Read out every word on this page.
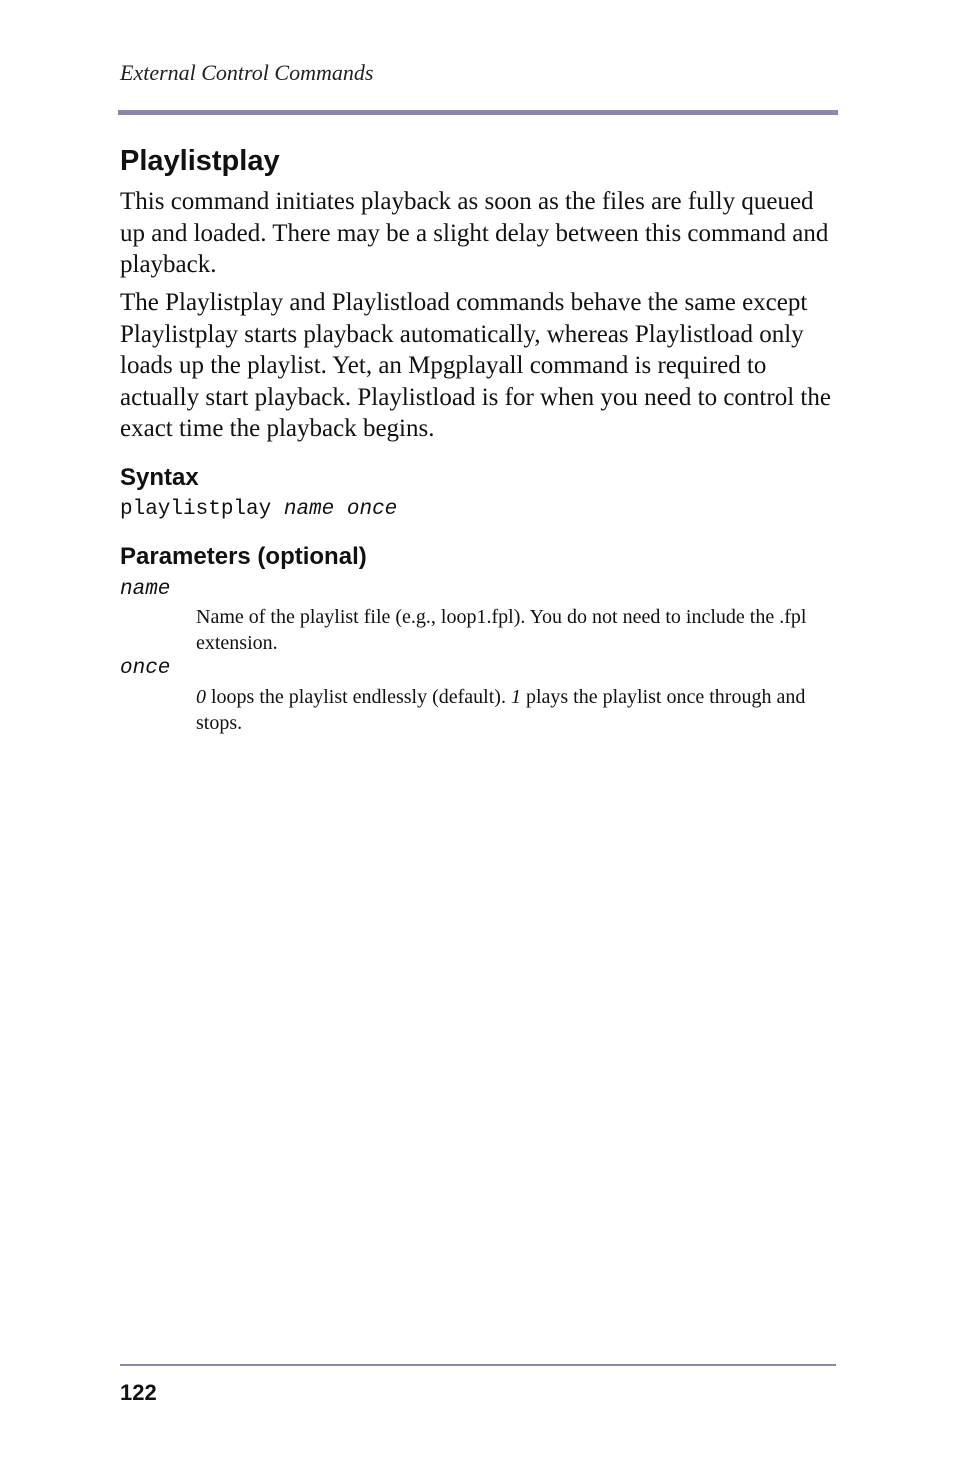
External Control Commands
Playlistplay

This command initiates playback as soon as the files are fully queued up and loaded. There may be a slight delay between this command and playback.

The Playlistplay and Playlistload commands behave the same except Playlistplay starts playback automatically, whereas Playlistload only loads up the playlist. Yet, an Mpgplayall command is required to actually start playback. Playlistload is for when you need to control the exact time the playback begins.

Syntax
playlistplay name once
Parameters (optional)
name

Name of the playlist file (e.g., loop1.fpl). You do not need to include the .fpl extension.

once

0 loops the playlist endlessly (default). 1 plays the playlist once through and stops.

122
